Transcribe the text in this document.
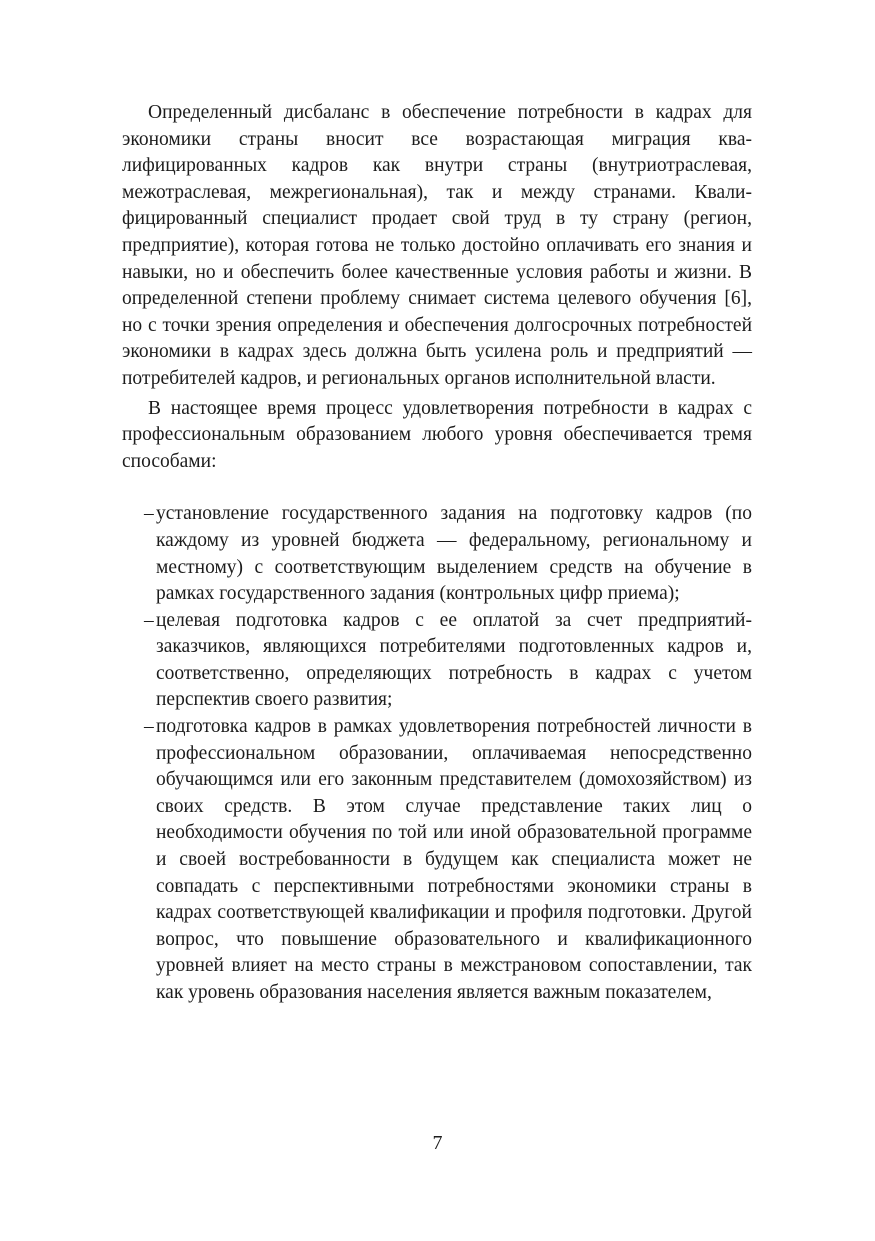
Определенный дисбаланс в обеспечение потребности в кадрах для экономики страны вносит все возрастающая миграция квалифицированных кадров как внутри страны (внутриотраслевая, межотраслевая, межрегиональная), так и между странами. Квалифицированный специалист продает свой труд в ту страну (регион, предприятие), которая готова не только достойно оплачивать его знания и навыки, но и обеспечить более качественные условия работы и жизни. В определенной степени проблему снимает система целевого обучения [6], но с точки зрения определения и обеспечения долгосрочных потребностей экономики в кадрах здесь должна быть усилена роль и предприятий — потребителей кадров, и региональных органов исполнительной власти.

В настоящее время процесс удовлетворения потребности в кадрах с профессиональным образованием любого уровня обеспечивается тремя способами:

– установление государственного задания на подготовку кадров (по каждому из уровней бюджета — федеральному, региональному и местному) с соответствующим выделением средств на обучение в рамках государственного задания (контрольных цифр приема);
– целевая подготовка кадров с ее оплатой за счет предприятий-заказчиков, являющихся потребителями подготовленных кадров и, соответственно, определяющих потребность в кадрах с учетом перспектив своего развития;
– подготовка кадров в рамках удовлетворения потребностей личности в профессиональном образовании, оплачиваемая непосредственно обучающимся или его законным представителем (домохозяйством) из своих средств. В этом случае представление таких лиц о необходимости обучения по той или иной образовательной программе и своей востребованности в будущем как специалиста может не совпадать с перспективными потребностями экономики страны в кадрах соответствующей квалификации и профиля подготовки. Другой вопрос, что повышение образовательного и квалификационного уровней влияет на место страны в межстрановом сопоставлении, так как уровень образования населения является важным показателем,
7
